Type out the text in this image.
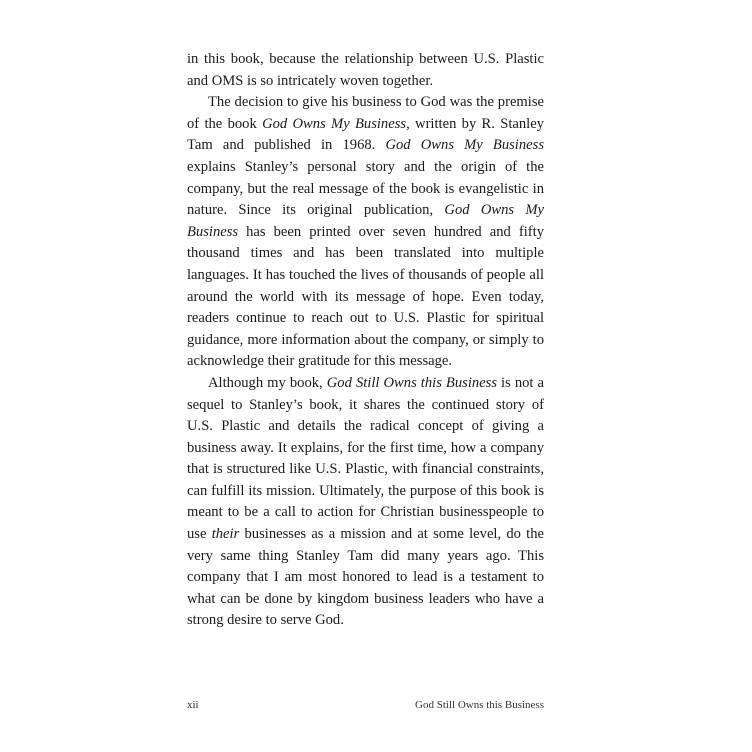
in this book, because the relationship between U.S. Plastic and OMS is so intricately woven together.

The decision to give his business to God was the premise of the book God Owns My Business, written by R. Stanley Tam and published in 1968. God Owns My Business explains Stanley’s personal story and the origin of the company, but the real message of the book is evangelistic in nature. Since its original publication, God Owns My Business has been printed over seven hundred and fifty thousand times and has been translated into multiple languages. It has touched the lives of thousands of people all around the world with its message of hope. Even today, readers continue to reach out to U.S. Plastic for spiritual guidance, more information about the company, or simply to acknowledge their gratitude for this message.

Although my book, God Still Owns this Business is not a sequel to Stanley’s book, it shares the continued story of U.S. Plastic and details the radical concept of giving a business away. It explains, for the first time, how a company that is structured like U.S. Plastic, with financial constraints, can fulfill its mission. Ultimately, the purpose of this book is meant to be a call to action for Christian businesspeople to use their businesses as a mission and at some level, do the very same thing Stanley Tam did many years ago. This company that I am most honored to lead is a testament to what can be done by kingdom business leaders who have a strong desire to serve God.

xii	God Still Owns this Business
